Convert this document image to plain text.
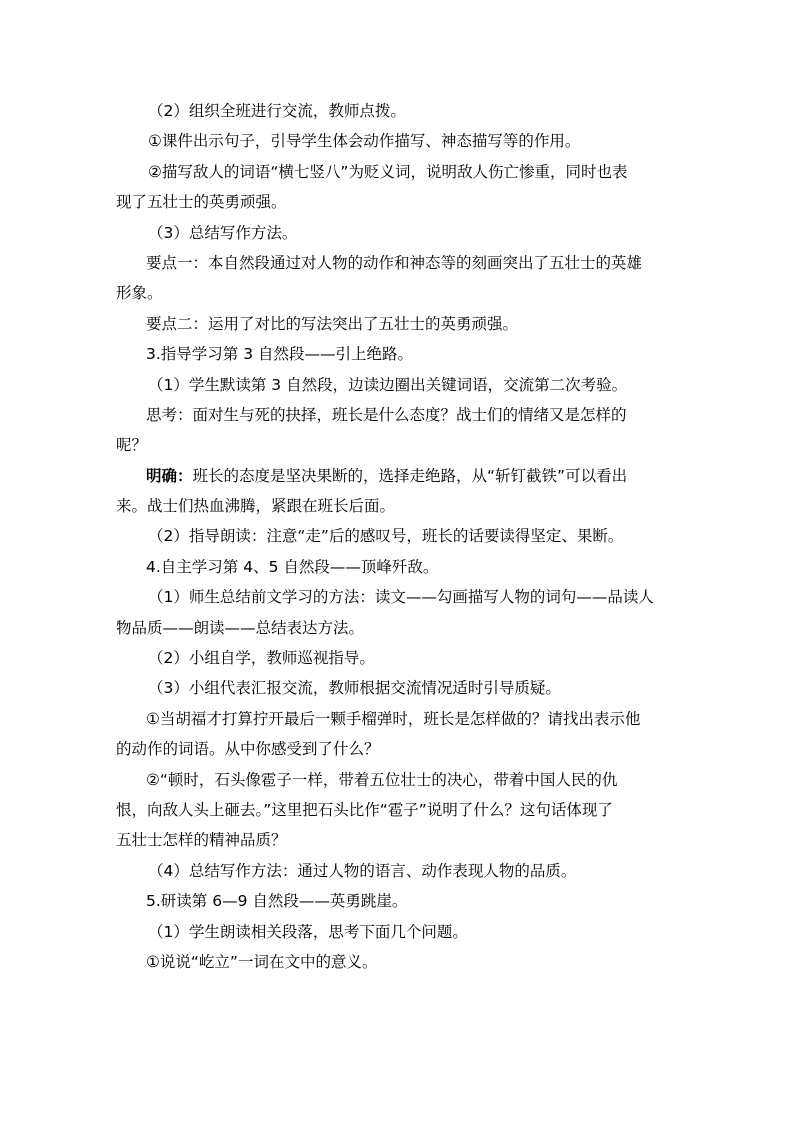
（2）组织全班进行交流，教师点拨。
①课件出示句子，引导学生体会动作描写、神态描写等的作用。
②描写敌人的词语“横七竖八”为贬义词，说明敌人伤亡惨重，同时也表
现了五壮士的英勇顽强。
（3）总结写作方法。
要点一：本自然段通过对人物的动作和神态等的刻画突出了五壮士的英雄
形象。
要点二：运用了对比的写法突出了五壮士的英勇顽强。
3.指导学习第 3 自然段——引上绝路。
（1）学生默读第 3 自然段，边读边圈出关键词语，交流第二次考验。
思考：面对生与死的抉择，班长是什么态度？战士们的情绪又是怎样的
呢？
明确：班长的态度是坚决果断的，选择走绝路，从“斩钉截铁”可以看出
来。战士们热血沸腾，紧跟在班长后面。
（2）指导朗读：注意“走”后的感叹号，班长的话要读得坚定、果断。
4.自主学习第 4、5 自然段——顶峰歼敌。
（1）师生总结前文学习的方法：读文——勾画描写人物的词句——品读人
物品质——朗读——总结表达方法。
（2）小组自学，教师巡视指导。
（3）小组代表汇报交流，教师根据交流情况适时引导质疑。
①当胡福才打算拧开最后一颗手榴弹时，班长是怎样做的？请找出表示他
的动作的词语。从中你感受到了什么？
②“顿时，石头像雹子一样，带着五位壮士的决心，带着中国人民的仇
恨，向敌人头上砸去。”这里把石头比作“雹子”说明了什么？这句话体现了
五壮士怎样的精神品质？
（4）总结写作方法：通过人物的语言、动作表现人物的品质。
5.研读第 6—9 自然段——英勇跳崖。
（1）学生朗读相关段落，思考下面几个问题。
①说说“屹立”一词在文中的意义。
